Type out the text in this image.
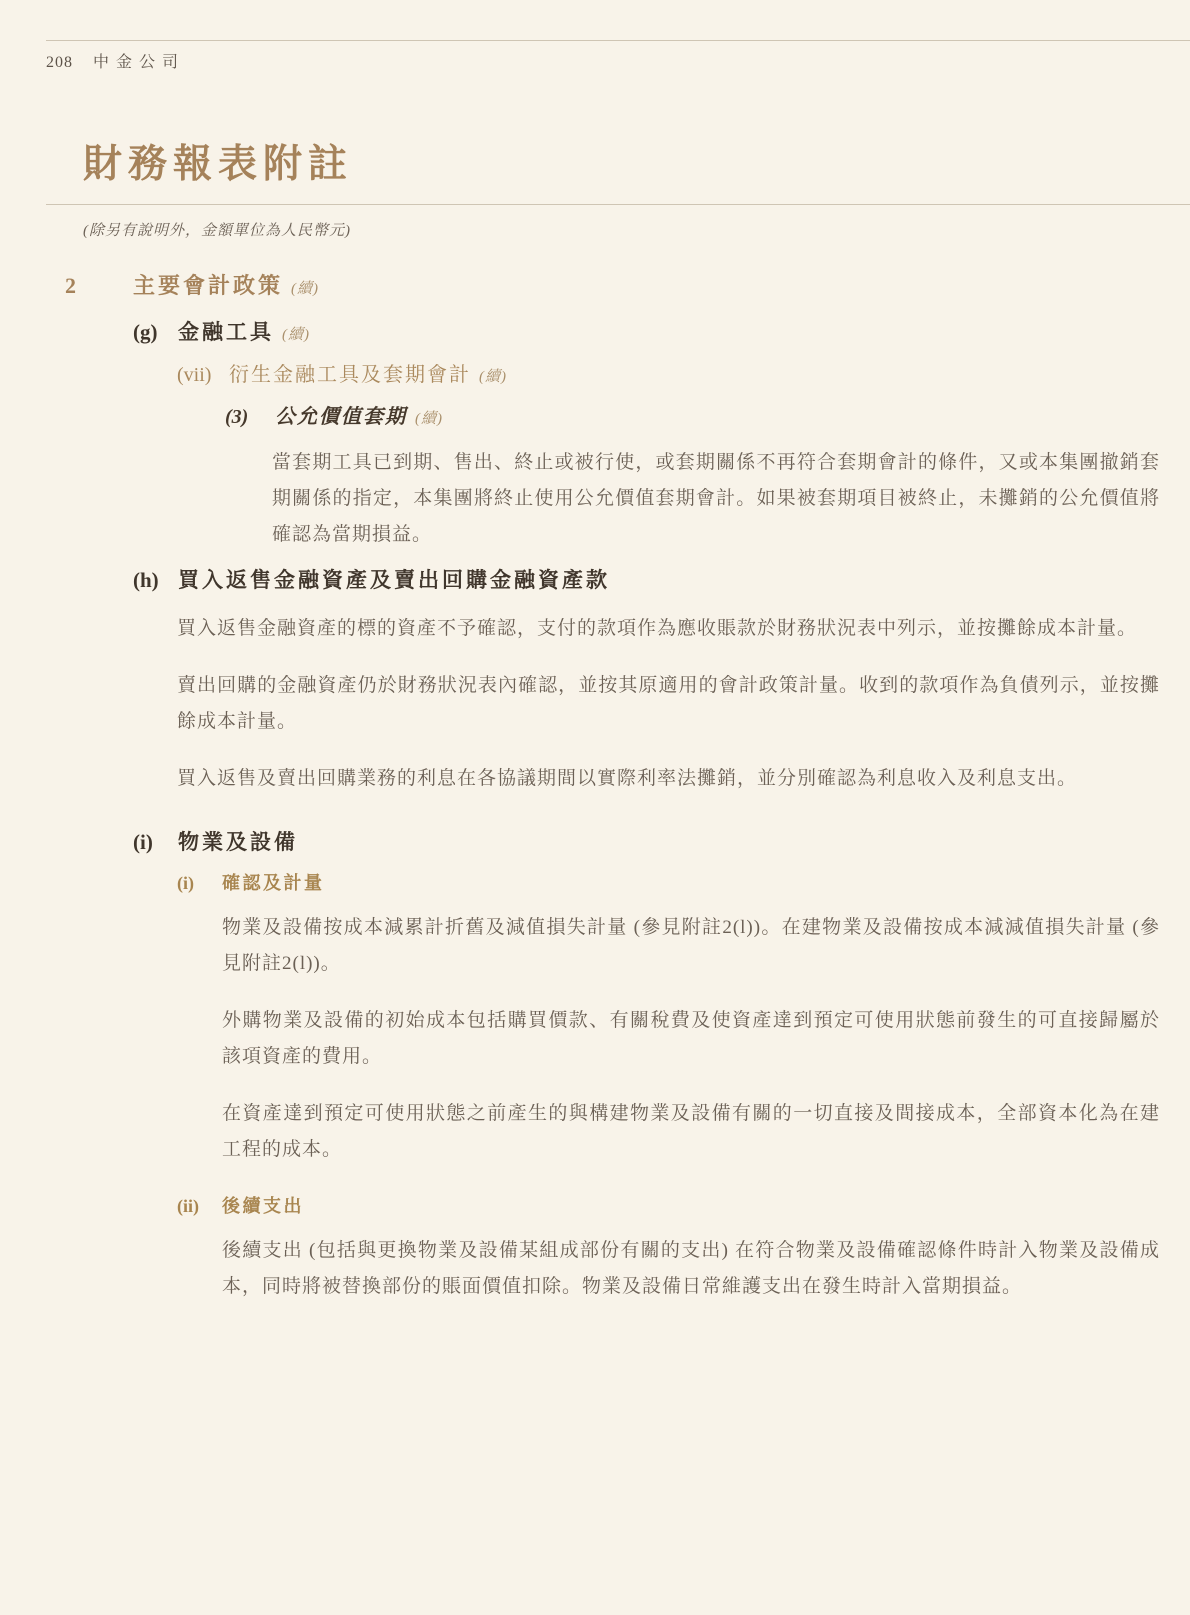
208 中金公司
財務報表附註

(除另有說明外，金額單位為人民幣元)

2	主要會計政策 (續)
(g) 金融工具 (續)
(vii) 衍生金融工具及套期會計 (續)
(3)	公允價值套期 (續)

當套期工具已到期、售出、終止或被行使，或套期關係不再符合套期會計的條件，又或本集團撤銷套期關係的指定，本集團將終止使用公允價值套期會計。如果被套期項目被終止，未攤銷的公允價值將確認為當期損益。

(h) 買入返售金融資產及賣出回購金融資產款

買入返售金融資產的標的資產不予確認，支付的款項作為應收賬款於財務狀況表中列示，並按攤餘成本計量。

賣出回購的金融資產仍於財務狀況表內確認，並按其原適用的會計政策計量。收到的款項作為負債列示，並按攤餘成本計量。

買入返售及賣出回購業務的利息在各協議期間以實際利率法攤銷，並分別確認為利息收入及利息支出。

(i)	物業及設備
(i)	確認及計量

物業及設備按成本減累計折舊及減值損失計量 (參見附註2(l))。在建物業及設備按成本減減值損失計量 (參見附註2(l))。

外購物業及設備的初始成本包括購買價款、有關稅費及使資產達到預定可使用狀態前發生的可直接歸屬於該項資產的費用。

在資產達到預定可使用狀態之前產生的與構建物業及設備有關的一切直接及間接成本，全部資本化為在建工程的成本。

(ii)	後續支出

後續支出 (包括與更換物業及設備某組成部份有關的支出) 在符合物業及設備確認條件時計入物業及設備成本，同時將被替換部份的賬面價值扣除。物業及設備日常維護支出在發生時計入當期損益。
